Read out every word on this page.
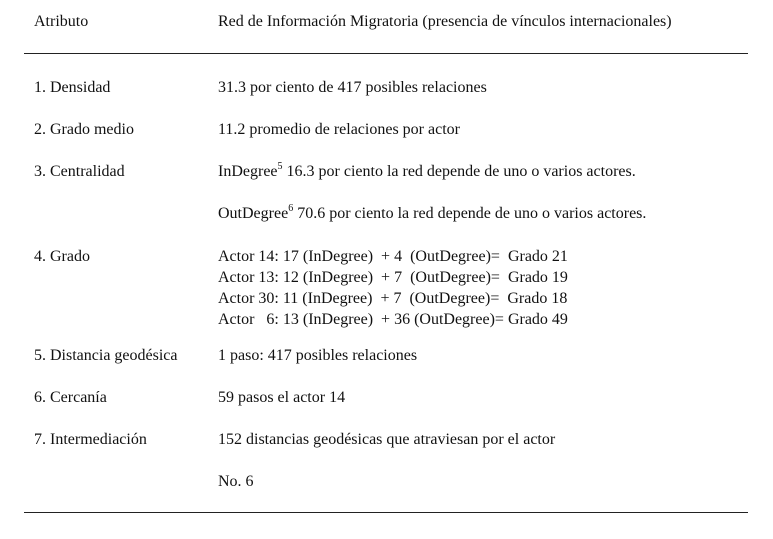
Atributo	Red de Información Migratoria (presencia de vínculos internacionales)
1. Densidad	31.3 por ciento de 417 posibles relaciones
2. Grado medio	11.2 promedio de relaciones por actor
3. Centralidad	InDegree$^5$ 16.3 por ciento la red depende de uno o varios actores.
OutDegree$^6$ 70.6 por ciento la red depende de uno o varios actores.
4. Grado	Actor 14: 17 (InDegree)  + 4  (OutDegree)=  Grado 21
Actor 13: 12 (InDegree)  + 7  (OutDegree)=  Grado 19
Actor 30: 11 (InDegree)  + 7  (OutDegree)=  Grado 18
Actor   6: 13 (InDegree)  + 36 (OutDegree)= Grado 49
5. Distancia geodésica	1 paso: 417 posibles relaciones
6. Cercanía	59 pasos el actor 14
7. Intermediación	152 distancias geodésicas que atraviesan por el actor
No. 6
